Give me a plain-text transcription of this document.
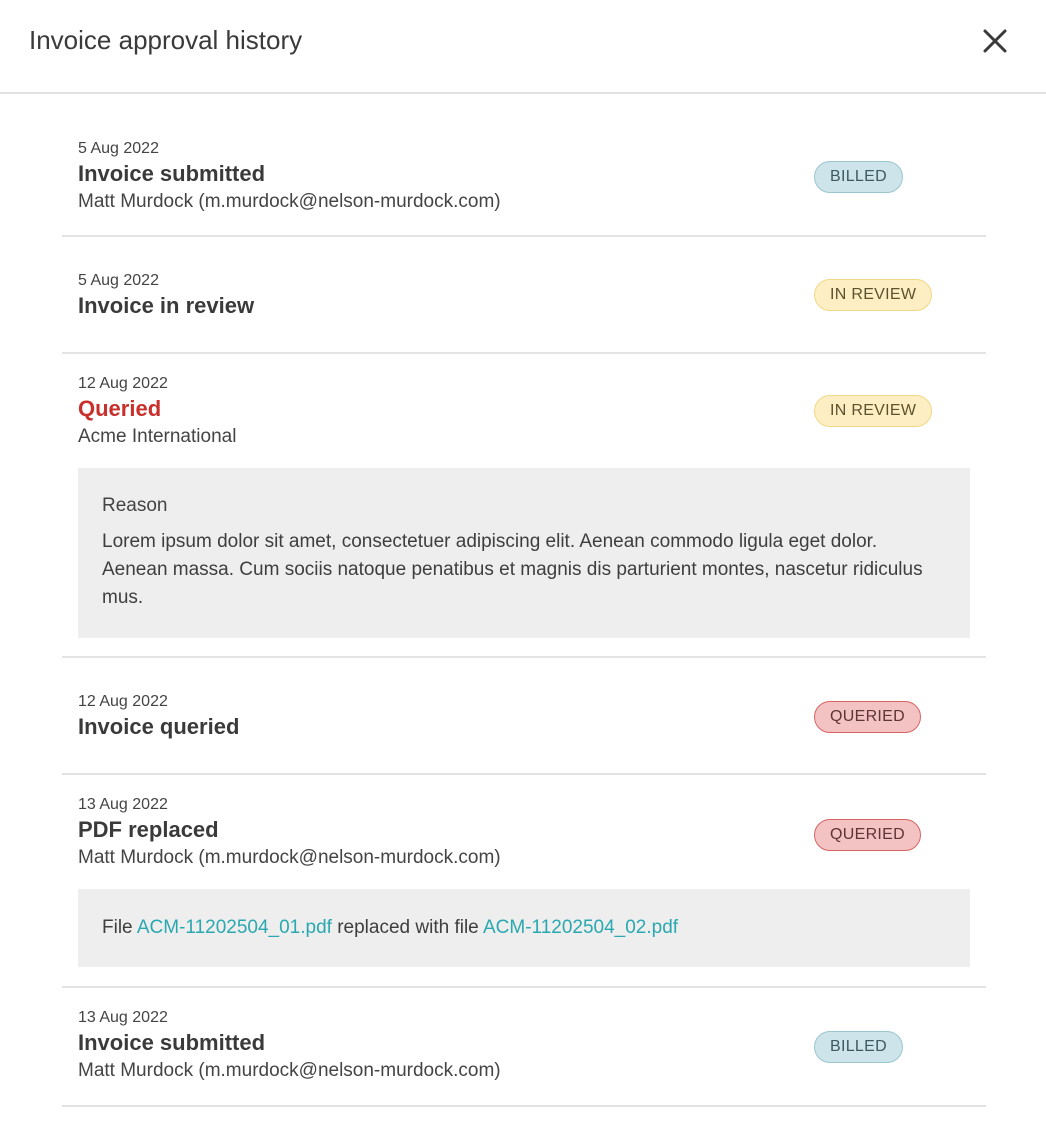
Invoice approval history
5 Aug 2022
Invoice submitted
Matt Murdock (m.murdock@nelson-murdock.com)
BILLED
5 Aug 2022
Invoice in review	IN REVIEW
12 Aug 2022
Queried
Acme International
IN REVIEW
Reason
Lorem ipsum dolor sit amet, consectetuer adipiscing elit. Aenean commodo ligula eget dolor. Aenean massa. Cum sociis natoque penatibus et magnis dis parturient montes, nascetur ridiculus mus.
12 Aug 2022
Invoice queried	QUERIED
13 Aug 2022
PDF replaced
Matt Murdock (m.murdock@nelson-murdock.com)
QUERIED
File ACM-11202504_01.pdf replaced with file ACM-11202504_02.pdf
13 Aug 2022
Invoice submitted
Matt Murdock (m.murdock@nelson-murdock.com)
BILLED
